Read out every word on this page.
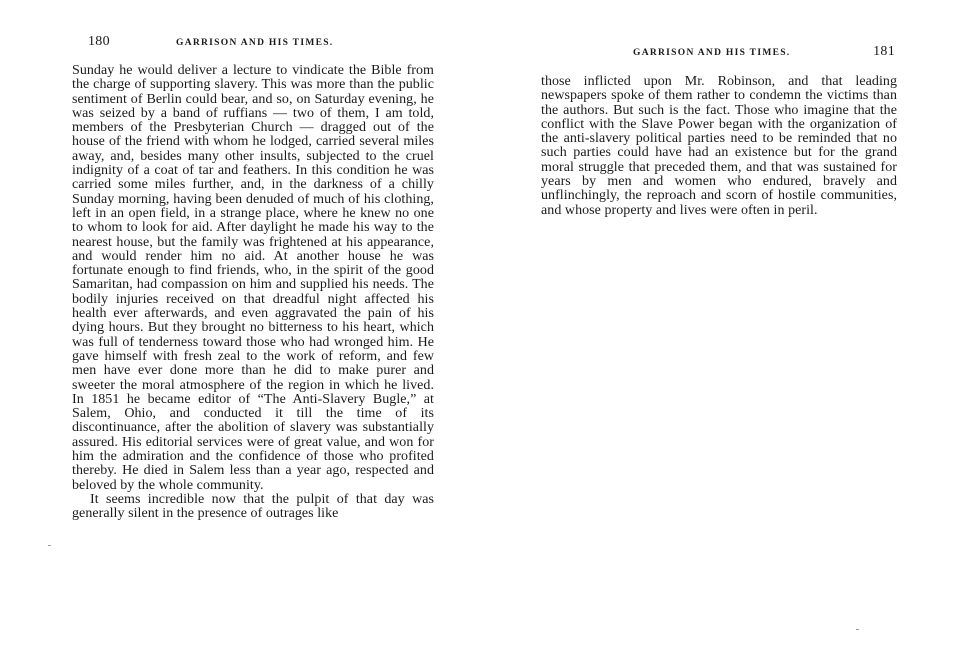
180	GARRISON AND HIS TIMES.

Sunday he would deliver a lecture to vindicate the Bible from the charge of supporting slavery. This was more than the public sentiment of Berlin could bear, and so, on Saturday evening, he was seized by a band of ruffians — two of them, I am told, members of the Presbyterian Church — dragged out of the house of the friend with whom he lodged, carried several miles away, and, besides many other insults, subjected to the cruel indignity of a coat of tar and feathers. In this condition he was carried some miles further, and, in the darkness of a chilly Sunday morning, having been denuded of much of his clothing, left in an open field, in a strange place, where he knew no one to whom to look for aid. After daylight he made his way to the nearest house, but the family was frightened at his appearance, and would render him no aid. At another house he was fortunate enough to find friends, who, in the spirit of the good Samaritan, had compassion on him and supplied his needs. The bodily injuries received on that dreadful night affected his health ever afterwards, and even aggravated the pain of his dying hours. But they brought no bitterness to his heart, which was full of tenderness toward those who had wronged him. He gave himself with fresh zeal to the work of reform, and few men have ever done more than he did to make purer and sweeter the moral atmosphere of the region in which he lived. In 1851 he became editor of “The Anti-Slavery Bugle,” at Salem, Ohio, and conducted it till the time of its discontinuance, after the abolition of slavery was substantially assured. His editorial services were of great value, and won for him the admiration and the confidence of those who profited thereby. He died in Salem less than a year ago, respected and beloved by the whole community.

It seems incredible now that the pulpit of that day was generally silent in the presence of outrages like

GARRISON AND HIS TIMES.	181

those inflicted upon Mr. Robinson, and that leading newspapers spoke of them rather to condemn the victims than the authors. But such is the fact. Those who imagine that the conflict with the Slave Power began with the organization of the anti-slavery political parties need to be reminded that no such parties could have had an existence but for the grand moral struggle that preceded them, and that was sustained for years by men and women who endured, bravely and unflinchingly, the reproach and scorn of hostile communities, and whose property and lives were often in peril.
